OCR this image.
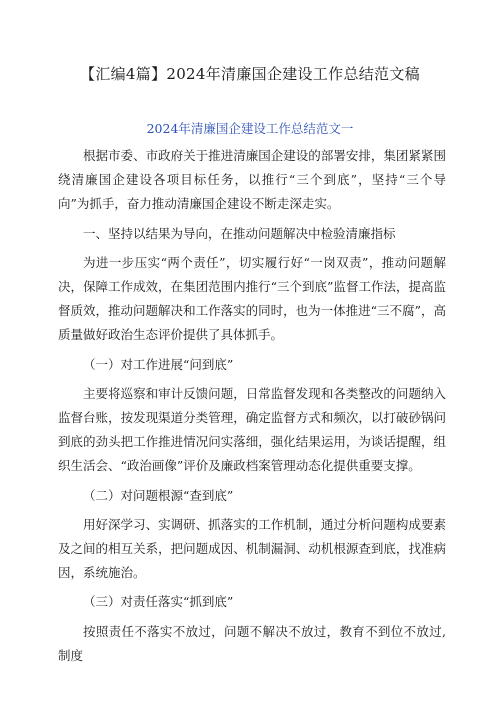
【汇编4篇】2024年清廉国企建设工作总结范文稿
2024年清廉国企建设工作总结范文一

根据市委、市政府关于推进清廉国企建设的部署安排，集团紧紧围绕清廉国企建设各项目标任务，以推行“三个到底”，坚持“三个导向”为抓手，奋力推动清廉国企建设不断走深走实。

一、坚持以结果为导向，在推动问题解决中检验清廉指标

为进一步压实“两个责任”，切实履行好“一岗双责”，推动问题解决，保障工作成效，在集团范围内推行“三个到底”监督工作法，提高监督质效，推动问题解决和工作落实的同时，也为一体推进“三不腐”，高质量做好政治生态评价提供了具体抓手。

（一）对工作进展“问到底”

主要将巡察和审计反馈问题，日常监督发现和各类整改的问题纳入监督台账，按发现渠道分类管理，确定监督方式和频次，以打破砂锅问到底的劲头把工作推进情况问实落细，强化结果运用，为谈话提醒，组织生活会、“政治画像”评价及廉政档案管理动态化提供重要支撑。

（二）对问题根源“查到底”

用好深学习、实调研、抓落实的工作机制，通过分析问题构成要素及之间的相互关系，把问题成因、机制漏洞、动机根源查到底，找准病因，系统施治。

（三）对责任落实“抓到底”

按照责任不落实不放过，问题不解决不放过，教育不到位不放过,制度
